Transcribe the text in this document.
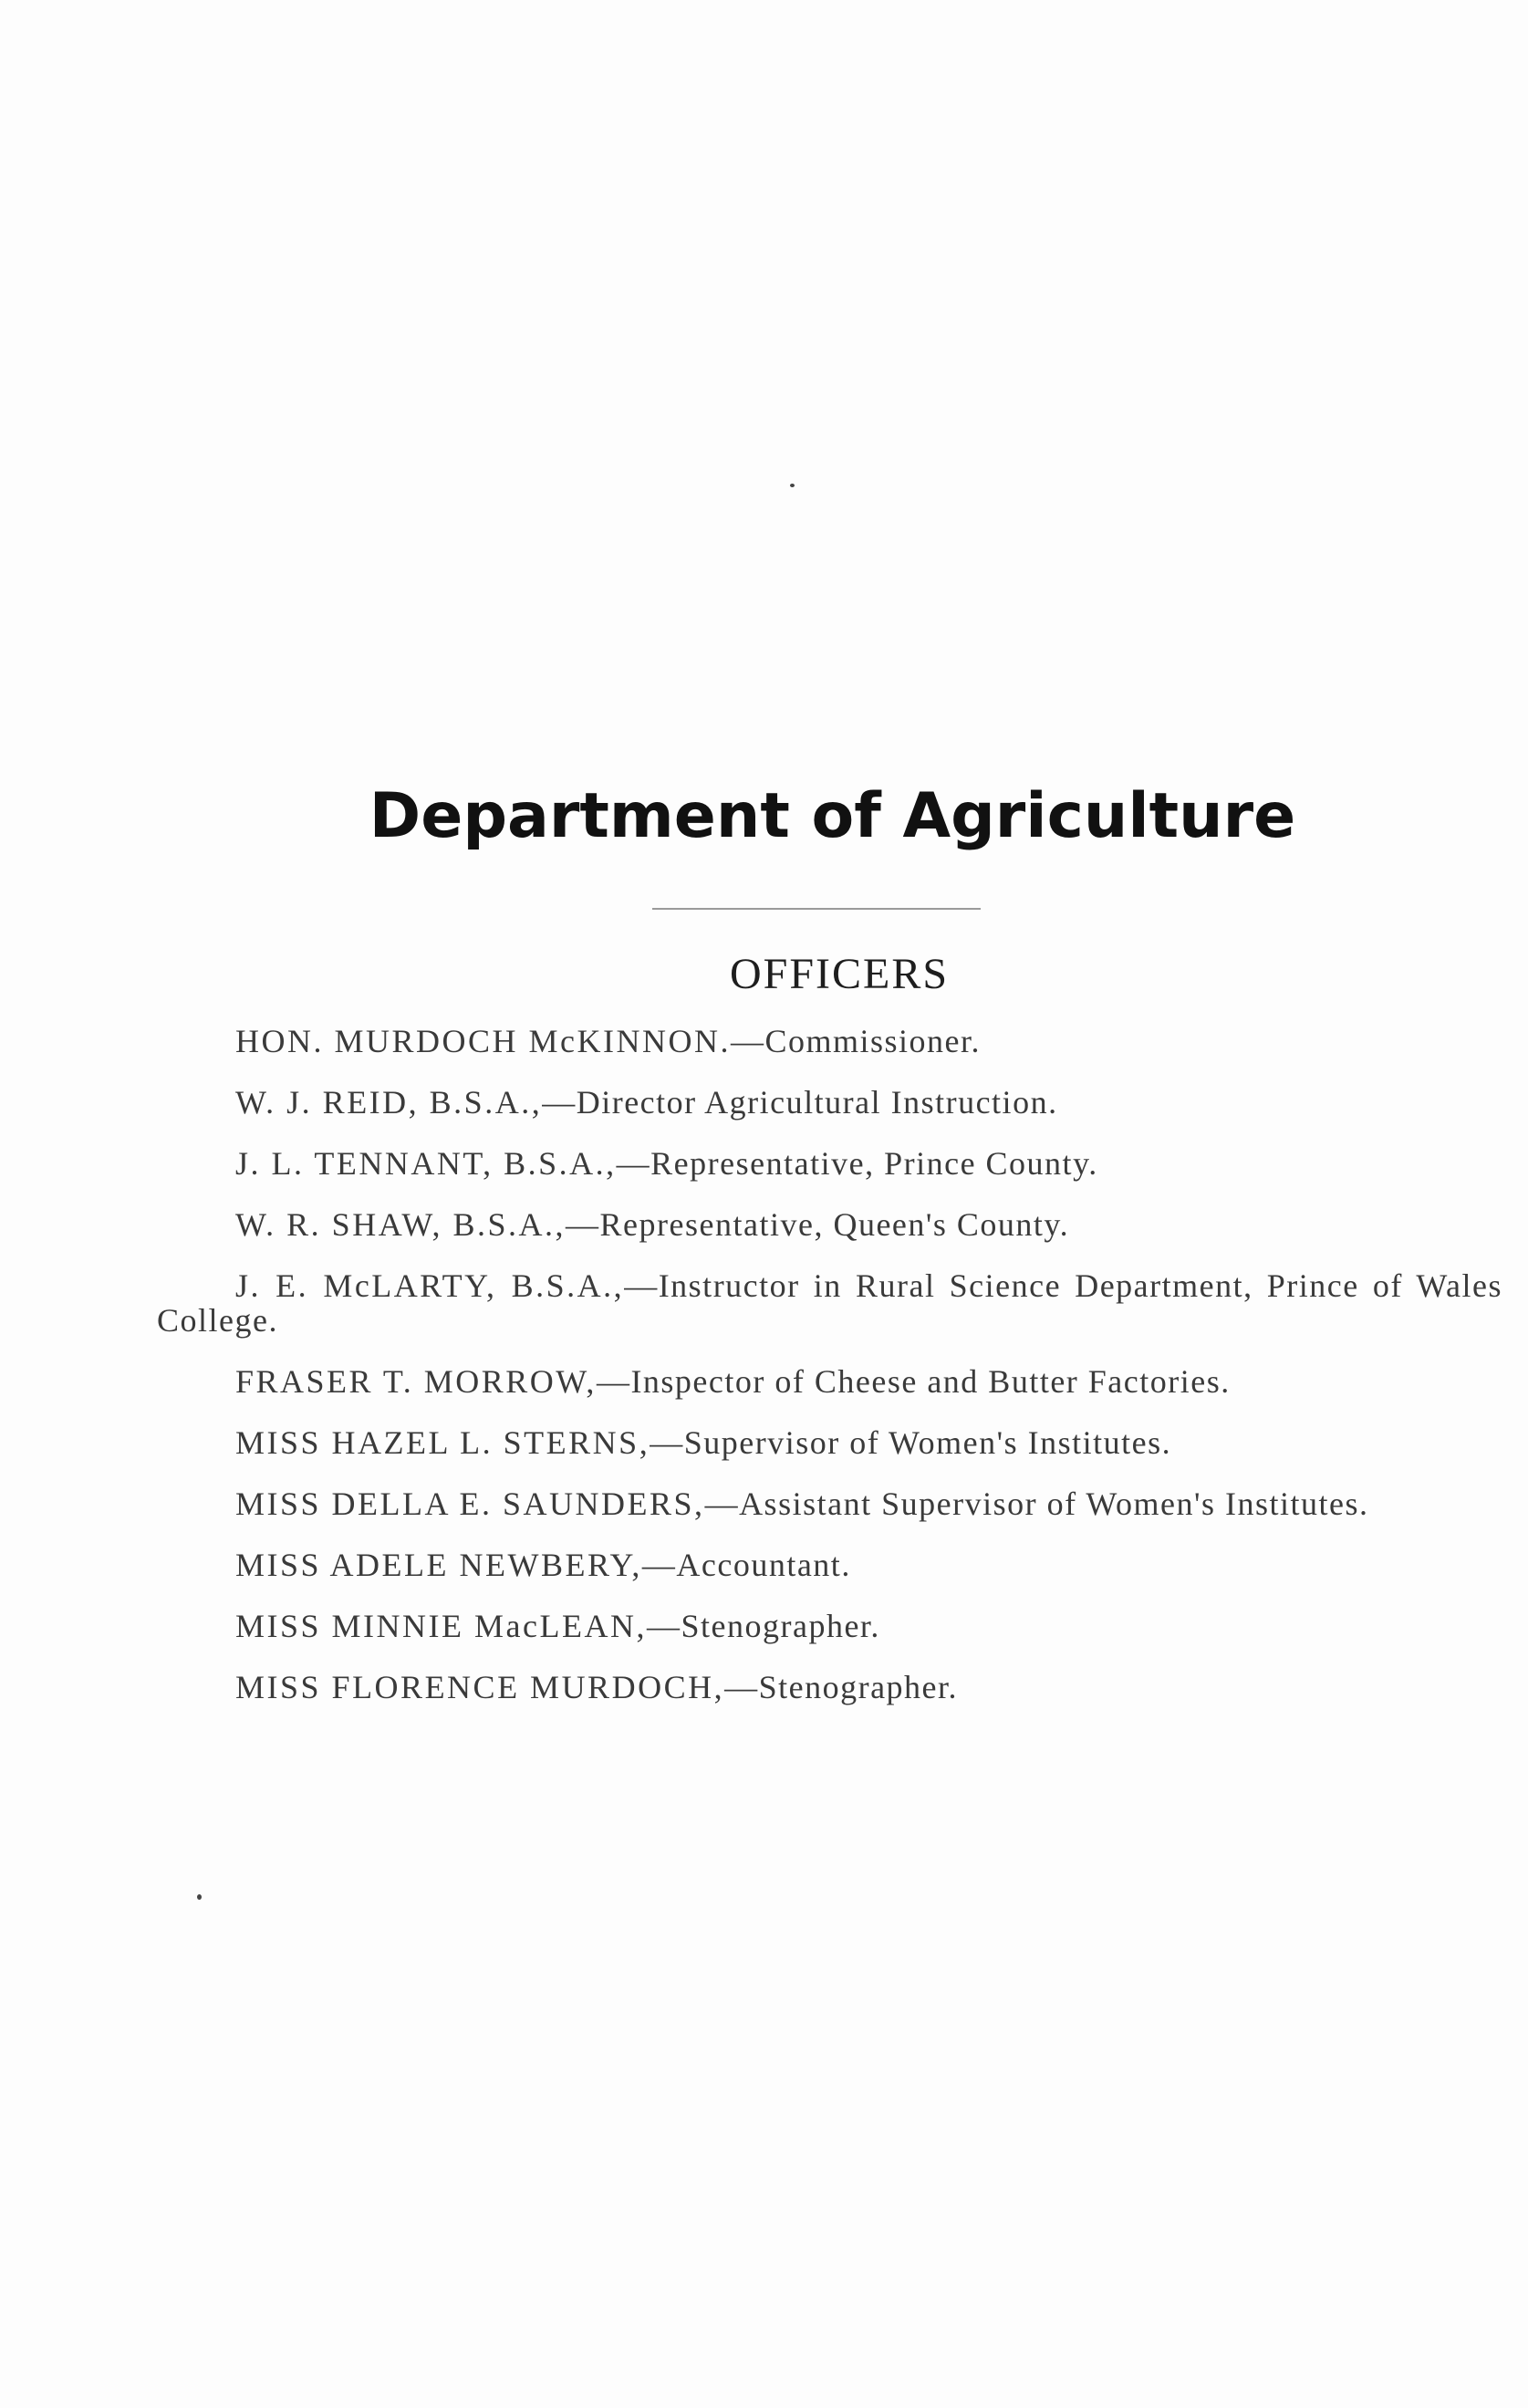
Department of Agriculture
OFFICERS

HON. MURDOCH McKINNON.—Commissioner.

W. J. REID, B.S.A.,—Director Agricultural Instruction.

J. L. TENNANT, B.S.A.,—Representative, Prince County.

W. R. SHAW, B.S.A.,—Representative, Queen's County.

J. E. McLARTY, B.S.A.,—Instructor in Rural Science Department, Prince of Wales College.

FRASER T. MORROW,—Inspector of Cheese and Butter Factories.

MISS HAZEL L. STERNS,—Supervisor of Women's Institutes.

MISS DELLA E. SAUNDERS,—Assistant Supervisor of Women's Institutes.

MISS ADELE NEWBERY,—Accountant.

MISS MINNIE MacLEAN,—Stenographer.

MISS FLORENCE MURDOCH,—Stenographer.
